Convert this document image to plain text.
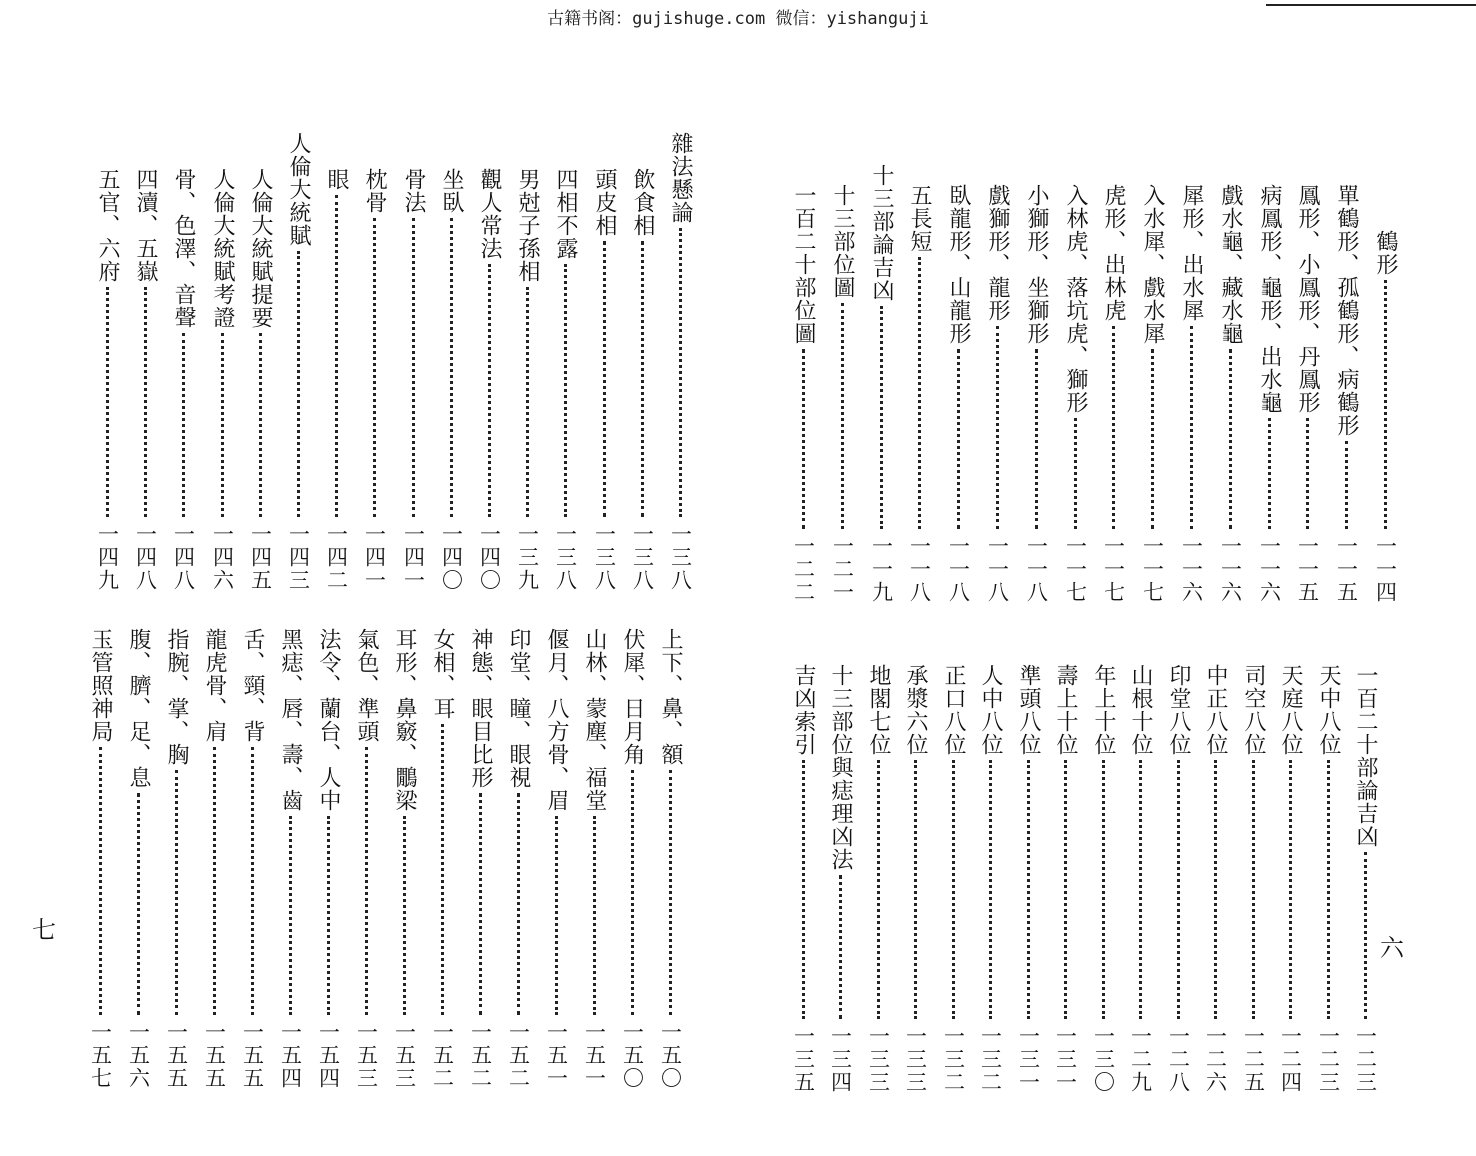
古籍书阁：gujishuge.com 微信：yishanguji
七
六
鶴形
一一四
單鶴形、孤鶴形、病鶴形
一一五
鳳形、小鳳形、丹鳳形
一一五
病鳳形、龜形、出水龜
一一六
戲水龜、藏水龜
一一六
犀形、出水犀
一一六
入水犀、戲水犀
一一七
虎形、出林虎
一一七
入林虎、落坑虎、獅形
一一七
小獅形、坐獅形
一一八
戲獅形、龍形
一一八
臥龍形、山龍形
一一八
五長短
一一八
十三部論吉凶
一一九
十三部位圖
一二一
一百二十部位圖
一二二
一百二十部論吉凶
一二三
天中八位
一二三
天庭八位
一二四
司空八位
一二五
中正八位
一二六
印堂八位
一二八
山根十位
一二九
年上十位
一三〇
壽上十位
一三一
準頭八位
一三一
人中八位
一三二
正口八位
一三二
承漿六位
一三三
地閣七位
一三三
十三部位與痣理凶法
一三四
吉凶索引
一三五
雜法懸論
一三八
飲食相
一三八
頭皮相
一三八
四相不露
一三八
男尅子孫相
一三九
觀人常法
一四〇
坐臥
一四〇
骨法
一四一
枕骨
一四一
眼
一四二
人倫大統賦
一四三
人倫大統賦提要
一四五
人倫大統賦考證
一四六
骨、色澤、音聲
一四八
四瀆、五嶽
一四八
五官、六府
一四九
上下、鼻、額
一五〇
伏犀、日月角
一五〇
山林、蒙塵、福堂
一五一
偃月、八方骨、眉
一五一
印堂、瞳、眼視
一五二
神態、眼目比形
一五二
女相、耳
一五二
耳形、鼻竅、鷳梁
一五三
氣色、準頭
一五三
法令、蘭台、人中
一五四
黑痣、唇、壽、齒
一五四
舌、頸、背
一五五
龍虎骨、肩
一五五
指腕、掌、胸
一五五
腹、臍、足、息
一五六
玉管照神局
一五七
